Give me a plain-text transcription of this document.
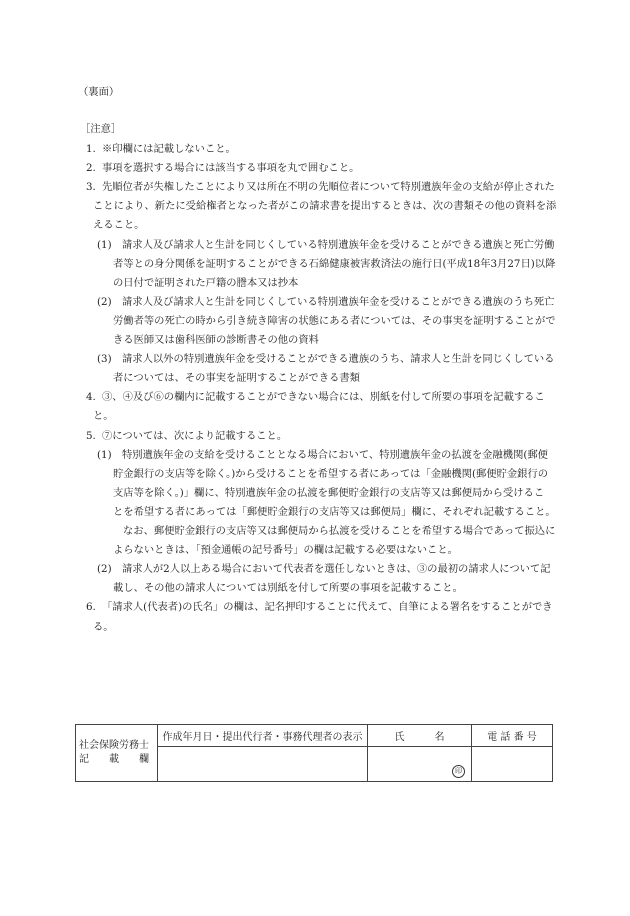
（裏面）
［注意］
1. ※印欄には記載しないこと。
2. 事項を選択する場合には該当する事項を丸で囲むこと。
3. 先順位者が失権したことにより又は所在不明の先順位者について特別遺族年金の支給が停止された
ことにより、新たに受給権者となった者がこの請求書を提出するときは、次の書類その他の資料を添
えること。
(1) 請求人及び請求人と生計を同じくしている特別遺族年金を受けることができる遺族と死亡労働
者等との身分関係を証明することができる石綿健康被害救済法の施行日(平成18年3月27日)以降
の日付で証明された戸籍の謄本又は抄本
(2) 請求人及び請求人と生計を同じくしている特別遺族年金を受けることができる遺族のうち死亡
労働者等の死亡の時から引き続き障害の状態にある者については、その事実を証明することがで
きる医師又は歯科医師の診断書その他の資料
(3) 請求人以外の特別遺族年金を受けることができる遺族のうち、請求人と生計を同じくしている
者については、その事実を証明することができる書類
4. ③、④及び⑥の欄内に記載することができない場合には、別紙を付して所要の事項を記載するこ
と。
5. ⑦については、次により記載すること。
(1) 特別遺族年金の支給を受けることとなる場合において、特別遺族年金の払渡を金融機関(郵便
貯金銀行の支店等を除く。)から受けることを希望する者にあっては「金融機関(郵便貯金銀行の
支店等を除く。)」欄に、特別遺族年金の払渡を郵便貯金銀行の支店等又は郵便局から受けるこ
とを希望する者にあっては「郵便貯金銀行の支店等又は郵便局」欄に、それぞれ記載すること。
なお、郵便貯金銀行の支店等又は郵便局から払渡を受けることを希望する場合であって振込に
よらないときは、「預金通帳の記号番号」の欄は記載する必要はないこと。
(2) 請求人が2人以上ある場合において代表者を選任しないときは、③の最初の請求人について記
載し、その他の請求人については別紙を付して所要の事項を記載すること。
6. 「請求人(代表者)の氏名」の欄は、記名押印することに代えて、自筆による署名をすることができ
る。
社会保険労務士
記　　載　　欄	作成年月日・提出代行者・事務代理者の表示	氏　　　名	電 話 番 号

		印	
